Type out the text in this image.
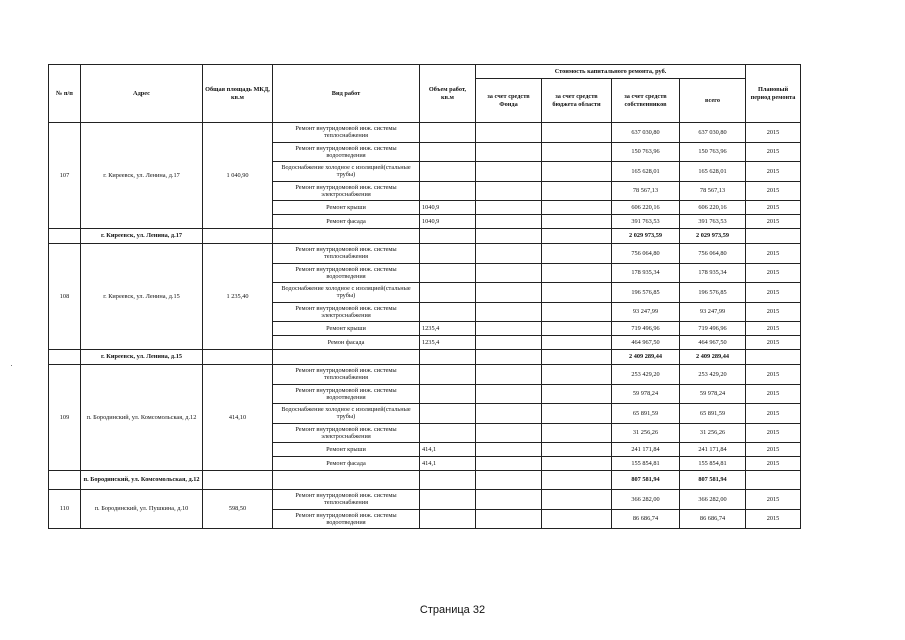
№ п/п	Адрес	Общая площадь МКД, кв.м	Вид работ	Объем работ, кв.м	Стоимость капитального ремонта, руб.				Плановый период ремонта
					за счет средств Фонда	за счет средств бюджета области	за счет средств собственников	всего	
107	г. Киреевск, ул. Ленина, д.17	1 040,90	Ремонт внутридомовой инж. системы теплоснабжения				637 030,80	637 030,80	2015
			Ремонт внутридомовой инж. системы водоотведения				150 763,96	150 763,96	2015
			Водоснабжение холодное с изоляцией(стальные трубы)				165 628,01	165 628,01	2015
			Ремонт внутридомовой инж. системы электроснабжения				78 567,13	78 567,13	2015
			Ремонт крыши	1040,9			606 220,16	606 220,16	2015
			Ремонт фасада	1040,9			391 763,53	391 763,53	2015
	г. Киреевск, ул. Ленина, д.17						2 029 973,59	2 029 973,59	
108	г. Киреевск, ул. Ленина, д.15	1 235,40	Ремонт внутридомовой инж. системы теплоснабжения				756 064,80	756 064,80	2015
			Ремонт внутридомовой инж. системы водоотведения				178 935,34	178 935,34	2015
			Водоснабжение холодное с изоляцией(стальные трубы)				196 576,85	196 576,85	2015
			Ремонт внутридомовой инж. системы электроснабжения				93 247,99	93 247,99	2015
			Ремонт крыши	1235,4			719 496,96	719 496,96	2015
			Ремон фасада	1235,4			464 967,50	464 967,50	2015
	г. Киреевск, ул. Ленина, д.15						2 409 289,44	2 409 289,44	
109	п. Бородинский, ул. Комсомольская, д.12	414,10	Ремонт внутридомовой инж. системы теплоснабжения				253 429,20	253 429,20	2015
			Ремонт внутридомовой инж. системы водоотведения				59 978,24	59 978,24	2015
			Водоснабжение холодное с изоляцией(стальные трубы)				65 891,59	65 891,59	2015
			Ремонт внутридомовой инж. системы электроснабжения				31 256,26	31 256,26	2015
			Ремонт крыши	414,1			241 171,84	241 171,84	2015
			Ремонт фасада	414,1			155 854,81	155 854,81	2015
	п. Бородинский, ул. Комсомольская, д.12						807 581,94	807 581,94	
110	п. Бородинский, ул. Пушкина, д.10	598,50	Ремонт внутридомовой инж. системы теплоснабжения				366 282,00	366 282,00	2015
			Ремонт внутридомовой инж. системы водоотведения				86 686,74	86 686,74	2015
Страница 32
